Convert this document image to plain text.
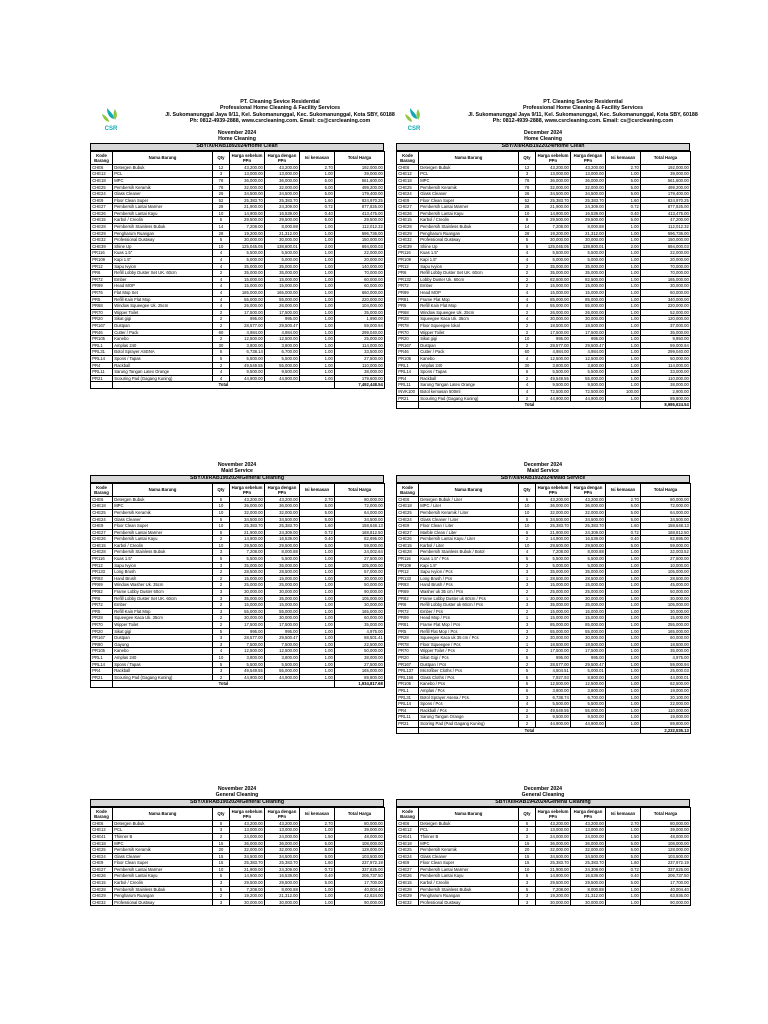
CSR
PT. Cleaning Sevice Residential
Professional Home Cleaning & Facility Services
Jl. Sukomanunggal Jaya 9/11, Kel. Sukomanunggal, Kec. Sukomanunggal, Kota SBY, 60188
Ph: 0812-4939-2888, www.csrcleaning.com. Email: cs@csrcleaning.com
CSR
PT. Cleaning Sevice Residential
Professional Home Cleaning & Facility Services
Jl. Sukomanunggal Jaya 9/11, Kel. Sukomanunggal, Kec. Sukomanunggal, Kota SBY, 60188
Ph: 0812-4939-2888, www.csrcleaning.com. Email: cs@csrcleaning.com
November 2024
Home Cleaning
SBY/XI/RAB1892024/Home Clean
Kode Barang	Nama Barang	Qty	Harga sebelum PPn	Harga dengan PPn	Isi kemasan	Total Harga
CHE6	Detergen Bubuk	12	43,200.00	43,200.00	2.70	192,000.00
CHE12	PCL	3	13,000.00	13,000.00	1.00	39,000.00
CHE18	MPC	78	36,000.00	36,000.00	5.00	561,600.00
CHE25	Pembersih Keramik	78	32,000.00	32,000.00	5.00	499,200.00
CHE24	Glass Cleaner	26	34,500.00	34,500.00	5.00	179,400.00
CHE9	Floor Clean Super	52	25,383.70	25,383.70	1.60	824,970.25
CHE27	Pembersih Lantai Marmer	28	21,900.00	24,309.00	0.72	877,825.00
CHE26	Pembersih Lantai Kayu	10	14,900.00	16,539.00	0.40	413,475.00
CHE15	Karbol / Creolin	5	29,500.00	29,500.00	5.00	29,500.00
CHE28	Pembersih Stainless Bubuk	14	7,208.00	8,000.88	1.00	112,012.32
CHE29	Pengharum Ruangan	28	19,200.00	21,312.00	1.00	596,736.00
CHE32	Professional Dustway	5	30,000.00	30,000.00	1.00	150,000.00
CHE39	Shine Up	10	125,045.05	138,800.01	2.00	694,000.03
PR116	Kuas 1.5"	4	5,500.00	5,500.00	1.00	22,000.00
PR109	Kapi 1.5"	4	5,000.00	5,000.00	1.00	20,000.00
PR12	Sapu Ivyion	4	35,000.00	35,000.00	1.00	140,000.00
PR6	Refill Lobby Duster Set UK. 60cm	2	35,000.00	35,000.00	1.00	70,000.00
PR72	Ember	4	15,000.00	15,000.00	1.00	60,000.00
PR99	Head MOP	4	15,000.00	15,000.00	1.00	60,000.00
PR76	Flat Mop Set	4	165,000.00	165,000.00	1.00	660,000.00
PR5	Refill Kain Flat Mop	4	55,000.00	55,000.00	1.00	220,000.00
PR68	Window Squeegee Uk. 25cm	4	26,000.00	26,000.00	1.00	104,000.00
PR70	Wipper Toilet	2	17,500.00	17,500.00	1.00	35,000.00
PR20	Sikat gigi	2	995.00	995.00	1.00	1,990.00
PR167	Dustpan	2	28,577.00	29,500.47	1.00	59,000.94
PR46	Cutter / Pack	60	4,984.00	4,984.00	1.00	299,040.00
PR105	Kanebo	2	12,500.00	12,500.00	1.00	25,000.00
PRL1	Amplas 240	30	3,800.00	3,800.00	1.00	114,000.00
PRL31	Botol Sprayer ASENA	5	6,738.14	6,700.00	1.00	33,500.00
PRL14	Spons / Tapas	5	5,500.00	5,500.00	1.00	27,500.00
PR4	Rackball	2	49,549.55	55,000.00	1.00	110,000.00
PRL11	Sarung Tangan Latex Orange	4	9,500.00	9,500.00	1.00	38,000.00
PR21	Scouring Pad (Gagang Kuning)	4	44,900.00	44,900.00	1.00	179,600.00
	Total					7,492,448.54
December 2024
Home Cleaning
SBY/XII/RAB1922024/Home Clean
Kode Barang	Nama Barang	Qty	Harga sebelum PPn	Harga dengan PPn	Isi kemasan	Total Harga
CHE6	Detergen Bubuk	12	43,200.00	43,200.00	2.70	192,000.00
CHE12	PCL	3	13,000.00	13,000.00	1.00	39,000.00
CHE18	MPC	78	36,000.00	36,000.00	5.00	561,600.00
CHE25	Pembersih Keramik	78	32,000.00	32,000.00	5.00	499,200.00
CHE24	Glass Cleaner	26	34,500.00	34,500.00	5.00	179,400.00
CHE9	Floor Clean Super	52	25,383.70	25,383.70	1.60	824,970.25
CHE27	Pembersih Lantai Marmer	28	21,900.00	24,309.00	0.72	877,825.00
CHE26	Pembersih Lantai Kayu	10	14,900.00	16,539.00	0.40	413,475.00
CHE15	Karbol / Creolin	8	29,500.00	29,500.00	5.00	47,200.00
CHE28	Pembersih Stainless Bubuk	14	7,208.00	8,000.88	1.00	112,012.32
CHE29	Pengharum Ruangan	28	19,200.00	21,312.00	1.00	596,736.00
CHE32	Professional Dustway	5	30,000.00	30,000.00	1.00	150,000.00
CHE39	Shine Up	5	125,045.05	138,800.01	2.00	694,000.03
PR116	Kuas 1.5"	4	5,500.00	5,500.00	1.00	22,000.00
PR109	Kapi 1.5"	4	5,000.00	5,000.00	1.00	20,000.00
PR12	Sapu Ivyion	2	35,000.00	35,000.00	1.00	70,000.00
PR6	Refill Lobby Duster Set UK. 60cm	2	35,000.00	35,000.00	1.00	70,000.00
PR132	Lobby Duster Uk. 60cm	2	82,500.00	82,500.00	1.00	165,000.00
PR72	Ember	2	15,000.00	15,000.00	1.00	30,000.00
PR99	Head MOP	4	15,000.00	15,000.00	1.00	60,000.00
PR81	Frame Flat Mop	4	85,000.00	85,000.00	1.00	340,000.00
PR5	Refill Kain Flat Mop	4	55,000.00	55,000.00	1.00	220,000.00
PR68	Window Squeegee Uk. 25cm	2	26,000.00	26,000.00	1.00	52,000.00
PR28	Squeegee Kaca Uk. 35cm	4	30,000.00	30,000.00	1.00	120,000.00
PR78	Floor Squeegee lokal	2	18,500.00	18,500.00	1.00	37,000.00
PR70	Wipper Toilet	2	17,500.00	17,500.00	1.00	35,000.00
PR20	Sikat gigi	10	995.00	995.00	1.00	9,950.00
PR167	Dustpan	2	28,577.00	29,500.47	1.00	59,000.94
PR46	Cutter / Pack	60	4,984.00	4,984.00	1.00	299,040.00
PR105	Kanebo	4	12,500.00	12,500.00	1.00	50,000.00
PRL1	Amplas 240	30	3,800.00	3,800.00	1.00	114,000.00
PRL14	Spons / Tapas	6	5,500.00	5,500.00	1.00	33,000.00
PR4	Rackball	2	49,549.55	55,000.00	1.00	110,000.00
PRL11	Sarung Tangan Latex Orange	4	9,500.00	9,500.00	1.00	38,000.00
INVK100	Botol kemasan 500ml	4	72,500.00	72,500.00	100.00	2,900.00
PR21	Scouring Pad (Gagang Kuning)	2	44,900.00	44,900.00	1.00	89,800.00
	Total					8,986,624.54
November 2024
Maid Service
SBY/XI/RAB1902024/General Cleaning
Kode Barang	Nama Barang	Qty	Harga sebelum PPn	Harga dengan PPn	Isi kemasan	Total Harga
CHE6	Detergen Bubuk	5	43,200.00	43,200.00	2.70	80,000.00
CHE18	MPC	10	36,000.00	36,000.00	5.00	72,000.00
CHE25	Pembersih Keramik	10	32,000.00	32,000.00	5.00	64,000.00
CHE24	Glass Cleaner	5	34,500.00	34,500.00	5.00	34,500.00
CHE9	Floor Clean Super	10	25,383.70	25,383.70	1.60	158,648.13
CHE27	Pembersih Lantai Marmer	5	21,900.00	24,309.00	0.72	168,812.50
CHE26	Pembersih Lantai Kayu	2	14,900.00	16,539.00	0.40	82,695.00
CHE15	Karbol / Creolin	10	29,500.00	29,500.00	5.00	59,000.00
CHE28	Pembersih Stainless Bubuk	3	7,208.00	8,000.88	1.00	24,002.64
PR116	Kuas 1.5"	5	5,500.00	5,500.00	1.00	27,500.00
PR12	Sapu Ivyion	3	35,000.00	35,000.00	1.00	105,000.00
PR133	Long Brush	2	28,500.00	28,500.00	1.00	57,000.00
PR93	Hand Brush	2	15,000.00	15,000.00	1.00	30,000.00
PR69	Window Washer Uk. 35cm	2	25,000.00	25,000.00	1.00	50,000.00
PR82	Frame Lobby Duster 60cm	3	30,000.00	30,000.00	1.00	90,000.00
PR6	Refill Lobby Duster Set UK. 60cm	3	35,000.00	35,000.00	1.00	105,000.00
PR72	Ember	2	15,000.00	15,000.00	1.00	30,000.00
PR5	Refill Kain Flat Mop	3	55,000.00	55,000.00	1.00	165,000.00
PR28	Squeegee Kaca Uk. 35cm	2	30,000.00	30,000.00	1.00	60,000.00
PR70	Wipper Toilet	2	17,500.00	17,500.00	1.00	35,000.00
PR20	Sikat gigi	5	995.00	995.00	1.00	4,975.00
PR167	Dustpan	3	28,577.00	29,500.47	1.00	88,501.41
PR80	Gayung	3	7,500.00	7,500.00	1.00	22,500.00
PR105	Kanebo	4	12,500.00	12,500.00	1.00	50,000.00
PRL1	Amplas 240	10	3,800.00	3,800.00	1.00	38,000.00
PRL14	Spons / Tapas	5	5,500.00	5,500.00	1.00	27,500.00
PR4	Rackball	3	49,549.55	55,000.00	1.00	165,000.00
PR21	Scouring Pad (Gagang Kuning)	2	44,900.00	44,900.00	1.00	89,800.00
	Total					1,934,817.68
December 2024
Maid Service
SBY/XII/RAB1932024/Maid Service
Kode Barang	Nama Barang	Qty	Harga sebelum PPn	Harga dengan PPn	Isi kemasan	Total Harga
CHE6	Detergen Bubuk / Liter	5	43,200.00	43,200.00	2.70	80,000.00
CHE18	MPC / Liter	10	36,000.00	36,000.00	5.00	72,000.00
CHE25	Pembersih Keramik / Liter	10	32,000.00	32,000.00	5.00	64,000.00
CHE24	Glass Cleaner / Liter	5	34,500.00	34,500.00	5.00	34,500.00
CHE9	Floor Clean / Liter	10	25,383.70	25,383.70	1.60	158,648.13
CHE27	Marble Clean / Liter	5	21,900.00	24,309.00	0.72	168,812.50
CHE26	Pembersih Lantai Kayu / Liter	2	14,900.00	16,539.00	0.40	82,695.00
CHE15	Karbol / Liter	10	29,500.00	29,500.00	5.00	59,000.00
CHE28	Pembersih Stainless Bubuk / Botol	4	7,208.00	8,000.88	1.00	32,003.52
PR116	Kuas 1.5" / Pcs	5	5,500.00	5,500.00	1.00	27,500.00
PR109	Kapi 1.5"	2	5,000.00	5,000.00	1.00	10,000.00
PR12	Sapu Ivyion / Pcs	3	35,000.00	35,000.00	1.00	105,000.00
PR133	Long Brush / Pcs	1	28,500.00	28,500.00	1.00	28,500.00
PR93	Hand Brush / Pcs	3	15,000.00	15,000.00	1.00	45,000.00
PR69	Washer uk 35 cm / Pcs	2	25,000.00	25,000.00	1.00	50,000.00
PR82	Frame Lobby Duster uk 60cm / Pcs	1	30,000.00	30,000.00	1.00	30,000.00
PR6	Refill Lobby Duster uk 60cm / Pcs	3	35,000.00	35,000.00	1.00	105,000.00
PR72	Ember / Pcs	2	15,000.00	15,000.00	1.00	30,000.00
PR99	Head Mop / Pcs	1	15,000.00	15,000.00	1.00	15,000.00
PR81	Frame Flat Mop / Pcs	3	85,000.00	85,000.00	1.00	255,000.00
PR5	Refill Flat Mop / Pcs	3	55,000.00	55,000.00	1.00	165,000.00
PR28	Squeegee Kaca uk 35 cm / Pcs	2	30,000.00	30,000.00	1.00	60,000.00
PR78	Floor Squeegee / Pcs	1	18,500.00	18,500.00	1.00	18,500.00
PR70	Wipper Toilet / Pcs	2	17,500.00	17,500.00	1.00	35,000.00
PR20	Sikat Gigi / Pcs	5	995.00	995.00	1.00	4,975.00
PR167	Dustpan / Pcs	2	28,577.00	29,500.47	1.00	59,000.94
PRL137	Microfiber Cloths / Pcs	5	4,504.51	5,000.01	1.00	25,000.03
PRL156	Glass Cloths / Pcs	5	7,927.93	8,800.00	1.00	44,000.01
PR105	Kanebo / Pcs	5	12,500.00	12,500.00	1.00	62,500.00
PRL1	Amplas / Pcs	5	3,800.00	3,800.00	1.00	19,000.00
PRL31	Botol Sprayer Asena / Pcs	3	6,738.74	6,700.00	1.00	20,100.00
PRL14	Spons / Pcs	4	5,500.00	5,500.00	1.00	22,000.00
PR4	Rackball / Pcs	2	49,549.55	55,000.00	1.00	110,000.00
PRL11	Sarung Tangan Orange	2	9,500.00	9,500.00	1.00	19,000.00
PR21	Scoring Pad (Pad Gagang Kuning)	2	44,900.00	44,900.00	1.00	89,800.00
	Total					2,232,535.13
November 2024
General Cleaning
SBY/XI/RAB1902024/General Cleaning
Kode Barang	Nama Barang	Qty	Harga sebelum PPn	Harga dengan PPn	Isi kemasan	Total Harga
CHE6	Detergen Bubuk	5	43,200.00	43,200.00	2.70	80,000.00
CHE12	PCL	3	13,000.00	13,000.00	1.00	39,000.00
CHE41	Thinner B	2	24,000.00	24,000.00	1.50	48,000.00
CHE18	MPC	15	36,000.00	36,000.00	5.00	108,000.00
CHE25	Pembersih Keramik	20	32,000.00	32,000.00	5.00	128,000.00
CHE24	Glass Cleaner	15	34,500.00	34,500.00	5.00	103,500.00
CHE9	Floor Clean Super	15	25,383.70	25,383.70	1.60	237,972.19
CHE27	Pembersih Lantai Marmer	10	21,900.00	24,309.00	0.72	337,625.00
CHE26	Pembersih Lantai Kayu	5	14,900.00	16,539.00	0.40	206,737.50
CHE15	Karbol / Creolin	3	29,500.00	29,500.00	5.00	17,700.00
CHE28	Pembersih Stainless Bubuk	5	7,208.00	8,000.88	1.00	40,004.40
CHE29	Pengharum Ruangan	2	19,200.00	21,312.00	1.00	42,624.00
CHE32	Professional Dustway	3	30,000.00	30,000.00	1.00	90,000.00
December 2024
General Cleaning
SBY/XII/RAB1942024/General Cleaning
Kode Barang	Nama Barang	Qty	Harga sebelum PPn	Harga dengan PPn	Isi kemasan	Total Harga
CHE6	Detergen Bubuk	5	43,200.00	43,200.00	2.70	80,000.00
CHE12	PCL	3	13,000.00	13,000.00	1.00	39,000.00
CHE41	Thinner B	2	24,000.00	24,000.00	1.50	48,000.00
CHE18	MPC	15	36,000.00	36,000.00	5.00	108,000.00
CHE25	Pembersih Keramik	20	32,000.00	32,000.00	5.00	128,000.00
CHE24	Glass Cleaner	15	34,500.00	34,500.00	5.00	103,500.00
CHE9	Floor Clean Super	15	25,383.70	25,383.70	1.60	237,972.19
CHE27	Pembersih Lantai Marmer	10	21,900.00	24,309.00	0.72	337,625.00
CHE26	Pembersih Lantai Kayu	5	14,900.00	16,539.00	0.40	206,737.50
CHE15	Karbol / Creolin	3	29,500.00	29,500.00	5.00	17,700.00
CHE28	Pembersih Stainless Bubuk	5	7,208.00	8,000.88	1.00	40,004.40
CHE29	Pengharum Ruangan	3	19,200.00	21,312.00	1.00	63,936.00
CHE32	Professional Dustway	3	30,000.00	30,000.00	1.00	90,000.00
